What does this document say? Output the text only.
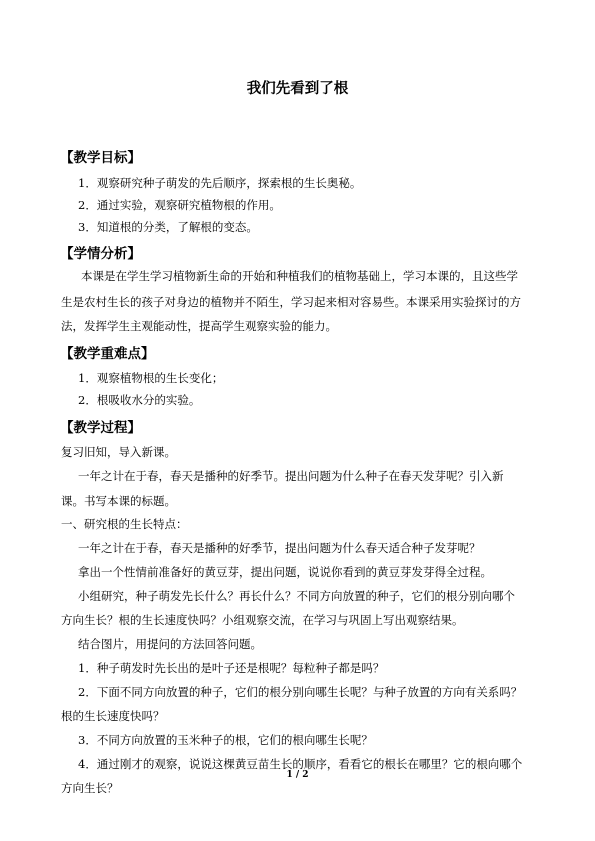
我们先看到了根
【教学目标】
1．观察研究种子萌发的先后顺序，探索根的生长奥秘。
2．通过实验，观察研究植物根的作用。
3．知道根的分类，了解根的变态。
【学情分析】
本课是在学生学习植物新生命的开始和种植我们的植物基础上，学习本课的，且这些学
生是农村生长的孩子对身边的植物并不陌生，学习起来相对容易些。本课采用实验探讨的方
法，发挥学生主观能动性，提高学生观察实验的能力。
【教学重难点】
1．观察植物根的生长变化；
2．根吸收水分的实验。
【教学过程】
复习旧知，导入新课。
一年之计在于春，春天是播种的好季节。提出问题为什么种子在春天发芽呢？引入新
课。书写本课的标题。
一、研究根的生长特点：
一年之计在于春，春天是播种的好季节，提出问题为什么春天适合种子发芽呢？
拿出一个性情前准备好的黄豆芽，提出问题，说说你看到的黄豆芽发芽得全过程。
小组研究，种子萌发先长什么？再长什么？不同方向放置的种子，它们的根分别向哪个
方向生长？根的生长速度快吗？小组观察交流，在学习与巩固上写出观察结果。
结合图片，用提问的方法回答问题。
1．种子萌发时先长出的是叶子还是根呢？每粒种子都是吗？
2．下面不同方向放置的种子，它们的根分别向哪生长呢？与种子放置的方向有关系吗？
根的生长速度快吗？
3．不同方向放置的玉米种子的根，它们的根向哪生长呢？
4．通过刚才的观察，说说这棵黄豆苗生长的顺序，看看它的根长在哪里？它的根向哪个
方向生长？
1 / 2
